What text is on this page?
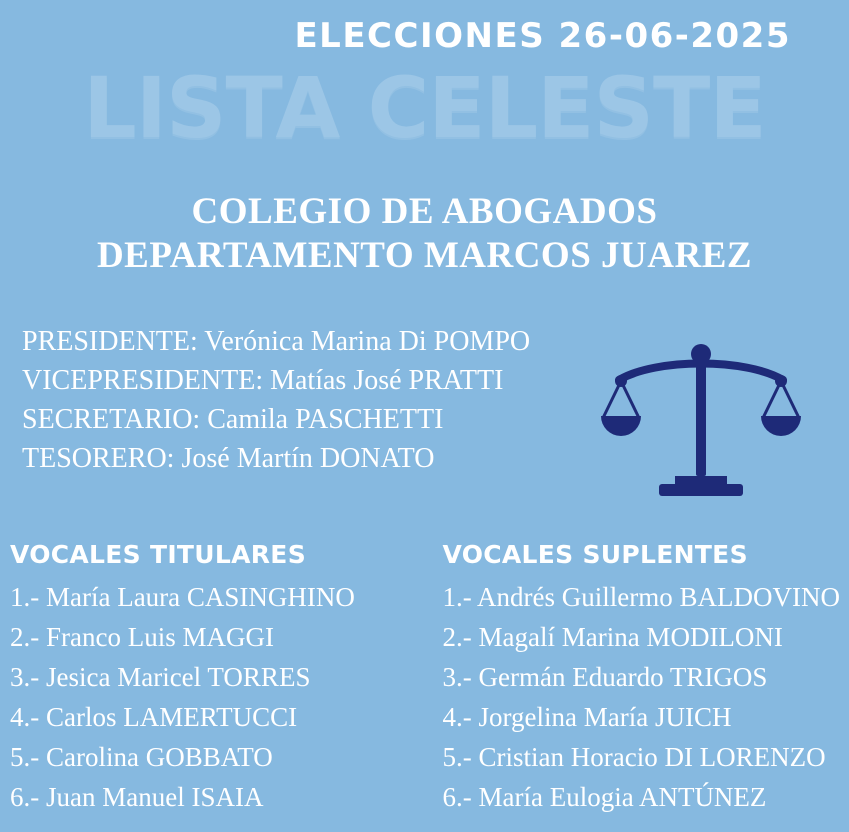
ELECCIONES 26-06-2025
LISTA CELESTE
COLEGIO DE ABOGADOS
DEPARTAMENTO MARCOS JUAREZ
PRESIDENTE: Verónica Marina Di POMPO
VICEPRESIDENTE: Matías José PRATTI
SECRETARIO: Camila PASCHETTI
TESORERO: José Martín DONATO
VOCALES TITULARES
1.- María Laura CASINGHINO
2.- Franco Luis MAGGI
3.- Jesica Maricel TORRES
4.- Carlos LAMERTUCCI
5.- Carolina GOBBATO
6.- Juan Manuel ISAIA
VOCALES SUPLENTES
1.- Andrés Guillermo BALDOVINO
2.- Magalí Marina MODILONI
3.- Germán Eduardo TRIGOS
4.- Jorgelina María JUICH
5.- Cristian Horacio DI LORENZO
6.- María Eulogia ANTÚNEZ
